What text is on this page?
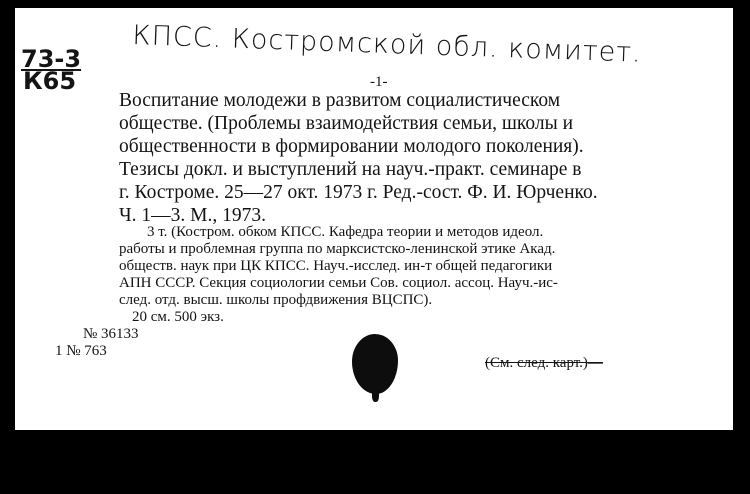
КПСС. Костромской обл. комитет.
73-3
К65	-1-
Воспитание молодежи в развитом социалистическом
обществе. (Проблемы взаимодействия семьи, школы и
общественности в формировании молодого поколения).
Тезисы докл. и выступлений на науч.-практ. семинаре в
г. Костроме. 25—27 окт. 1973 г. Ред.-сост. Ф. И. Юрченко.
Ч. 1—3. М., 1973.
3 т. (Костром. обком КПСС. Кафедра теории и методов идеол.
работы и проблемная группа по марксистско-ленинской этике Акад.
обществ. наук при ЦК КПСС. Науч.-исслед. ин-т общей педагогики
АПН СССР. Секция социологии семьи Сов. социол. ассоц. Науч.-ис-
след. отд. высш. школы профдвижения ВЦСПС).
20 см. 500 экз.
№ 36133
1 № 763
(См. след. карт.)—
